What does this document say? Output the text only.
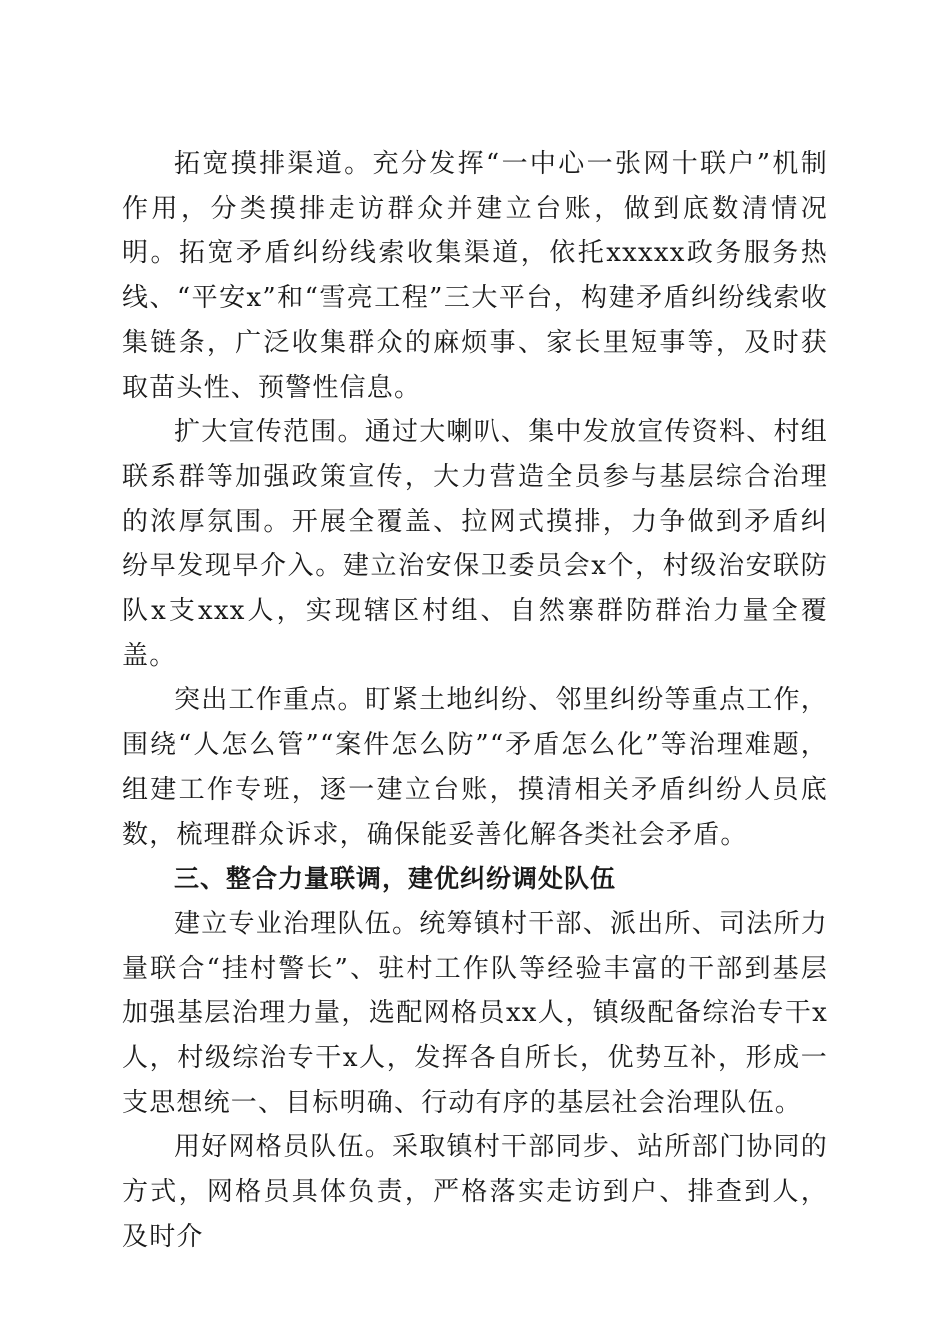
拓宽摸排渠道。充分发挥“一中心一张网十联户”机制作用，分类摸排走访群众并建立台账，做到底数清情况明。拓宽矛盾纠纷线索收集渠道，依托xxxxx政务服务热线、“平安x”和“雪亮工程”三大平台，构建矛盾纠纷线索收集链条，广泛收集群众的麻烦事、家长里短事等，及时获取苗头性、预警性信息。

扩大宣传范围。通过大喇叭、集中发放宣传资料、村组联系群等加强政策宣传，大力营造全员参与基层综合治理的浓厚氛围。开展全覆盖、拉网式摸排，力争做到矛盾纠纷早发现早介入。建立治安保卫委员会x个，村级治安联防队x支xxx人，实现辖区村组、自然寨群防群治力量全覆盖。

突出工作重点。盯紧土地纠纷、邻里纠纷等重点工作，围绕“人怎么管”“案件怎么防”“矛盾怎么化”等治理难题，组建工作专班，逐一建立台账，摸清相关矛盾纠纷人员底数，梳理群众诉求，确保能妥善化解各类社会矛盾。

三、整合力量联调，建优纠纷调处队伍

建立专业治理队伍。统筹镇村干部、派出所、司法所力量联合“挂村警长”、驻村工作队等经验丰富的干部到基层加强基层治理力量，选配网格员xx人，镇级配备综治专干x人，村级综治专干x人，发挥各自所长，优势互补，形成一支思想统一、目标明确、行动有序的基层社会治理队伍。

用好网格员队伍。采取镇村干部同步、站所部门协同的方式，网格员具体负责，严格落实走访到户、排查到人，及时介
